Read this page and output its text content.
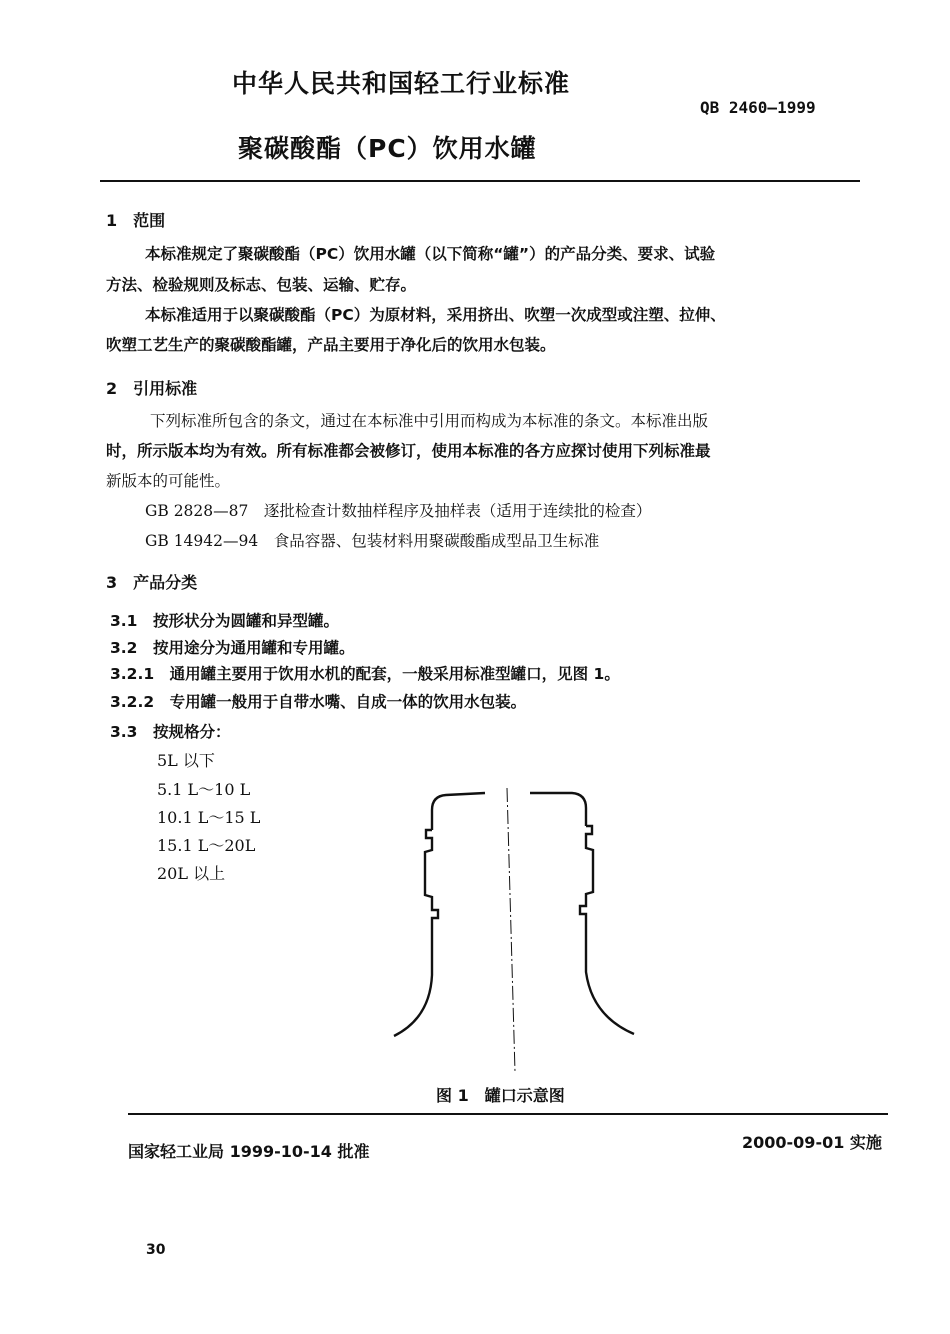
中华人民共和国轻工行业标准
QB 2460—1999
聚碳酸酯（PC）饮用水罐
1　范围
本标准规定了聚碳酸酯（PC）饮用水罐（以下简称“罐”）的产品分类、要求、试验
方法、检验规则及标志、包装、运输、贮存。
本标准适用于以聚碳酸酯（PC）为原材料，采用挤出、吹塑一次成型或注塑、拉伸、
吹塑工艺生产的聚碳酸酯罐，产品主要用于净化后的饮用水包装。
2　引用标准
下列标准所包含的条文，通过在本标准中引用而构成为本标准的条文。本标准出版
时，所示版本均为有效。所有标准都会被修订，使用本标准的各方应探讨使用下列标准最
新版本的可能性。
GB 2828—87　逐批检查计数抽样程序及抽样表（适用于连续批的检查）
GB 14942—94　食品容器、包装材料用聚碳酸酯成型品卫生标准
3　产品分类
3.1　按形状分为圆罐和异型罐。
3.2　按用途分为通用罐和专用罐。
3.2.1　通用罐主要用于饮用水机的配套，一般采用标准型罐口，见图 1。
3.2.2　专用罐一般用于自带水嘴、自成一体的饮用水包装。
3.3　按规格分：
5L 以下
5.1 L～10 L
10.1 L～15 L
15.1 L～20L
20L 以上
图 1　罐口示意图
国家轻工业局 1999-10-14 批准	2000-09-01 实施
30
